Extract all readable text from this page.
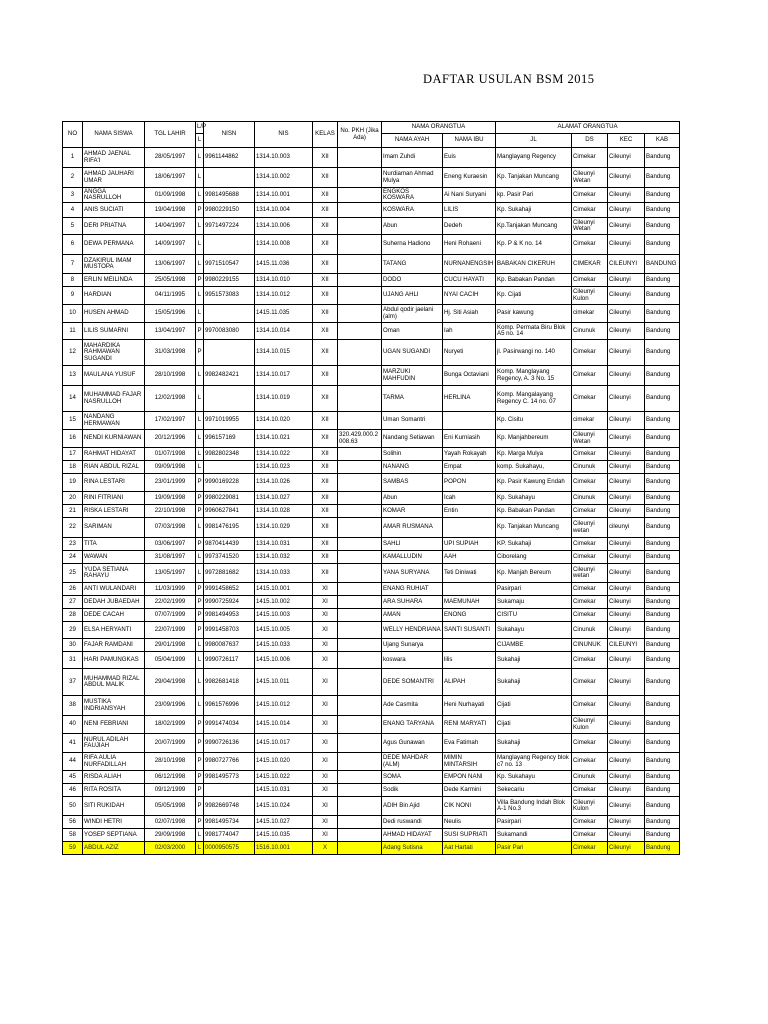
DAFTAR USULAN BSM 2015
NO	NAMA SISWA	TGL LAHIR	L/P	NISN	NIS	KELAS	No. PKH (Jika Ada)	NAMA ORANGTUA		ALAMAT ORANGTUA			
			L					NAMA AYAH	NAMA IBU	JL	DS	KEC	KAB
1	AHMAD JAENAL RIFA'I	28/05/1997	L	9961144862	1314.10.003	XII		Imam Zuhdi	Euis	Manglayang Regency	Cimekar	Cileunyi	Bandung
2	AHMAD JAUHARI UMAR	18/06/1997	L		1314.10.002	XII		Nurdiaman Ahmad Mulya	Eneng Kuraesin	Kp. Tanjakan Muncang	Cileunyi Wetan	Cileunyi	Bandung
3	ANGGA NASRULLOH	01/09/1998	L	9981495688	1314.10.001	XII		ENGKOS KOSWARA	Ai Nani Suryani	kp. Pasir Pari	Cimekar	Cileunyi	Bandung
4	ANIS SUCIATI	19/04/1998	P	9980229150	1314.10.004	XII		KOSWARA	LILIS	Kp. Sukahaji	Cimekar	Cileunyi	Bandung
5	DERI PRIATNA	14/04/1997	L	9971497224	1314.10.006	XII		Abun	Dedeh	Kp.Tanjakan Muncang	Cileunyi Wetan	Cileunyi	Bandung
6	DEWA PERMANA	14/09/1997	L		1314.10.008	XII		Suherna Hadiono	Heni Rohaeni	Kp. P & K no. 14	Cimekar	Cileunyi	Bandung
7	DZAKIRUL IMAM MUSTOPA	13/06/1997	L	9971510547	1415.11.036	XII		TATANG	NURNANENGSIH	BABAKAN CIKERUH	CIMEKAR	CILEUNYI	BANDUNG
8	ERLIN MEILINDA	25/05/1998	P	9980229155	1314.10.010	XII		DODO	CUCU HAYATI	Kp. Babakan Pandan	Cimekar	Cileunyi	Bandung
9	HARDIAN	04/11/1995	L	9951573083	1314.10.012	XII		UJANG AHLI	NYAI CACIH	Kp. Cijati	Cileunyi Kulon	Cileunyi	Bandung
10	HUSEN AHMAD	15/05/1996	L		1415.11.035	XII		Abdul qodir jaelani (alm)	Hj. Siti Asiah	Pasir kawung	cimekar	Cileunyi	Bandung
11	LILIS SUMARNI	13/04/1997	P	9970083080	1314.10.014	XII		Oman	Iah	Komp. Permata Biru Blok A5 no. 14	Cinunuk	Cileunyi	Bandung
12	MAHARDIKA RAHMAWAN SUGANDI	31/03/1998	P		1314.10.015	XII		UGAN SUGANDI	Nuryeti	jl. Pasirwangi no. 140	Cimekar	Cileunyi	Bandung
13	MAULANA YUSUF	28/10/1998	L	9982482421	1314.10.017	XII		MARZUKI MAHFUDIN	Bunga Octaviani	Komp. Manglayang Regency, A. 3 No. 15	Cimekar	Cileunyi	Bandung
14	MUHAMMAD FAJAR NASRULLOH	12/02/1998	L		1314.10.019	XII		TARMA	HERLINA	Komp. Mangalayang Regency C. 14 no. 07	Cimekar	Cileunyi	Bandung
15	NANDANG HERMAWAN	17/02/1997	L	9971019955	1314.10.020	XII		Uman Somantri		Kp. Cisitu	cimekar	Cileunyi	Bandung
16	NENDI KURNIAWAN	20/12/1996	L	996157169	1314.10.021	XII	320.429.000.2 008.63	Nandang Setiawan	Eni Kurniasih	Kp. Manjahbereum	Cileunyi Wetan	Cileunyi	Bandung
17	RAHMAT HIDAYAT	01/07/1998	L	9982802348	1314.10.022	XII		Solihin	Yayah Rokayah	Kp. Marga Mulya	Cimekar	Cileunyi	Bandung
18	RIAN ABDUL RIZAL	09/09/1998	L		1314.10.023	XII		NANANG	Empat	komp. Sukahayu,	Cinunuk	Cileunyi	Bandung
19	RINA LESTARI	23/01/1999	P	9990169228	1314.10.026	XII		SAMBAS	POPON	Kp. Pasir Kawung Endah	Cimekar	Cileunyi	Bandung
20	RINI FITRIANI	19/09/1998	P	9980229081	1314.10.027	XII		Abun	Icah	Kp. Sukahayu	Cinunuk	Cileunyi	Bandung
21	RISKA LESTARI	22/10/1998	P	9960627841	1314.10.028	XII		KOMAR	Entin	Kp. Babakan Pandan	Cimekar	Cileunyi	Bandung
22	SARIMAN	07/03/1998	L	9981476195	1314.10.029	XII		AMAR RUSMANA		Kp. Tanjakan Muncang	Cileunyi wetan	cileunyi	Bandung
23	TITA	03/06/1997	P	9870414439	1314.10.031	XII		SAHLI	UPI SUPIAH	KP. Sukahaji	Cimekar	Cileunyi	Bandung
24	WAWAN	31/08/1997	L	9973741520	1314.10.032	XII		KAMALLUDIN	AAH	Ciborelang	Cimekar	Cileunyi	Bandung
25	YUDA SETIANA RAHAYU	13/05/1997	L	9972881682	1314.10.033	XII		YANA SURYANA	Teti Diniwati	Kp. Manjah Bereum	Cileunyi wetan	Cileunyi	Bandung
26	ANTI WULANDARI	11/03/1999	P	9991458652	1415.10.001	XI		ENANG RUHIAT		Pasirpari	Cimekar	Cileunyi	Bandung
27	DEDAH JUBAEDAH	22/02/1999	P	9990725924	1415.10.002	XI		ARA SUHARA	MAEMUNAH	Sukamaju	Cimekar	Cileunyi	Bandung
28	DEDE CACAH	07/07/1999	P	9981494953	1415.10.003	XI		AMAN	ENONG	CISITU	Cimekar	Cileunyi	Bandung
29	ELSA HERYANTI	22/07/1999	P	9991458703	1415.10.005	XI		WELLY HENDRIANA	SANTI SUSANTI	Sukahayu	Cinunuk	Cileunyi	Bandung
30	FAJAR RAMDANI	29/01/1998	L	9980087637	1415.10.033	XI		Ujang Sunarya		CIJAMBE	CINUNUK	CILEUNYI	Bandung
31	HARI PAMUNGKAS	05/04/1999	L	9990726117	1415.10.006	XI		koswara	lilis	Sukahaji	Cimekar	Cileunyi	Bandung
37	MUHAMMAD RIZAL ABDUL MALIK	29/04/1998	L	9982681418	1415.10.011	XI		DEDE SOMANTRI	ALIPAH	Sukahaji	Cimekar	Cileunyi	Bandung
38	MUSTIKA INDRIANSYAH	23/09/1996	L	9961576996	1415.10.012	XI		Ade Casmita	Heni Nurhayati	Cijati	Cimekar	Cileunyi	Bandung
40	NENI FEBRIANI	18/02/1999	P	9991474034	1415.10.014	XI		ENANG TARYANA	RENI MARYATI	Cijati	Cileunyi Kulon	Cileunyi	Bandung
41	NURUL ADILAH FAUJIAH	20/07/1999	P	9990726136	1415.10.017	XI		Agus Gunawan	Eva Fatimah	Sukahaji	Cimekar	Cileunyi	Bandung
44	RIFA AULIA NURFADILLAH	28/10/1998	P	9980727766	1415.10.020	XI		DEDE MAHDAR (ALM)	MIMIN MINTARSIH	Manglayang Regency blok c7 no. 13	Cimekar	Cileunyi	Bandung
45	RISDA ALIAH	06/12/1998	P	9981495773	1415.10.022	XI		SOMA	EMPON NANI	Kp. Sukahayu	Cinunuk	Cileunyi	Bandung
46	RITA ROSITA	09/12/1999	P		1415.10.031	XI		Sodik	Dede Karmini	Sekecariu	Cimekar	Cileunyi	Bandung
50	SITI RUKIDAH	05/05/1998	P	9982669748	1415.10.024	XI		ADIH Bin Ajid	CIK NONI	Villa Bandung Indah Blok A-1 No.3	Cileunyi Kulon	Cileunyi	Bandung
56	WINDI HETRI	02/07/1998	P	9981495734	1415.10.027	XI		Dedi ruswandi	Neulis	Pasirpari	Cimekar	Cileunyi	Bandung
58	YOSEP SEPTIANA	29/09/1998	L	9981774047	1415.10.035	XI		AHMAD HIDAYAT	SUSI SUPRIATI	Sukamandi	Cimekar	Cileunyi	Bandung
59	ABDUL AZIZ	02/03/2000	L	0000950575	1516.10.001	X		Adang Sutisna	Aat Hartati	Pasir Pari	Cimekar	Cileunyi	Bandung
